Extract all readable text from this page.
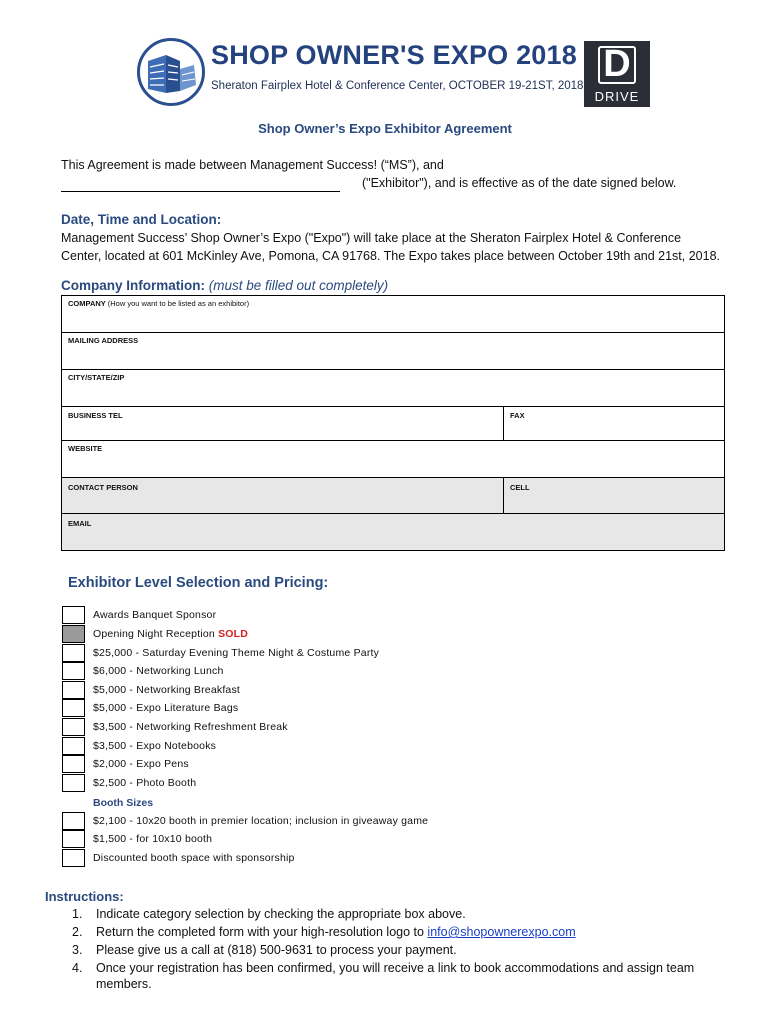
SHOP OWNER'S EXPO 2018
Sheraton Fairplex Hotel & Conference Center, OCTOBER 19-21ST, 2018
D
DRIVE
Shop Owner’s Expo Exhibitor Agreement
This Agreement is made between Management Success! (“MS”), and
("Exhibitor"), and is effective as of the date signed below.
Date, Time and Location:
Management Success’ Shop Owner’s Expo ("Expo") will take place at the Sheraton Fairplex Hotel & Conference
Center, located at 601 McKinley Ave, Pomona, CA 91768. The Expo takes place between October 19th and 21st, 2018.
Company Information: (must be filled out completely)
COMPANY (How you want to be listed as an exhibitor)
MAILING ADDRESS
CITY/STATE/ZIP
BUSINESS TEL	FAX
WEBSITE
CONTACT PERSON	CELL
EMAIL
Exhibitor Level Selection and Pricing:
Awards Banquet Sponsor
Opening Night Reception SOLD
$25,000 - Saturday Evening Theme Night & Costume Party
$6,000 - Networking Lunch
$5,000 - Networking Breakfast
$5,000 - Expo Literature Bags
$3,500 - Networking Refreshment Break
$3,500 - Expo Notebooks
$2,000 - Expo Pens
$2,500 - Photo Booth
Booth Sizes
$2,100 - 10x20 booth in premier location; inclusion in giveaway game
$1,500 - for 10x10 booth
Discounted booth space with sponsorship
Instructions:
1. Indicate category selection by checking the appropriate box above.
2. Return the completed form with your high-resolution logo to info@shopownerexpo.com
3. Please give us a call at (818) 500-9631 to process your payment.
4. Once your registration has been confirmed, you will receive a link to book accommodations and assign team
members.
